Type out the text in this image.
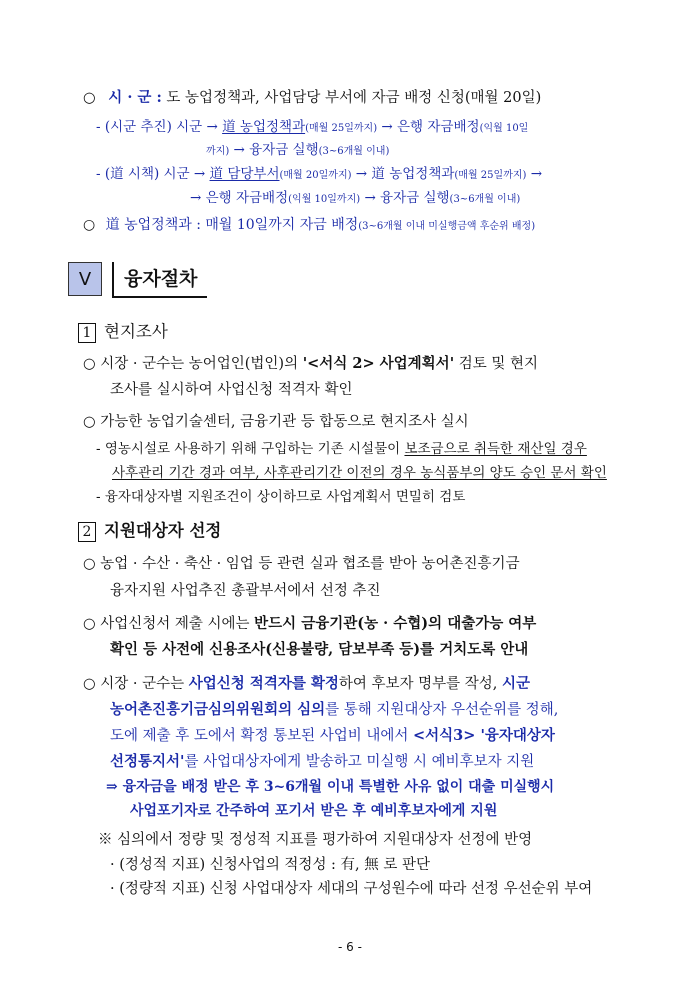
○ 시 · 군 : 도 농업정책과, 사업담당 부서에 자금 배정 신청(매월 20일)
- (시군 추진) 시군 → 道 농업정책과(매월 25일까지) → 은행 자금배정(익월 10일
까지) → 융자금 실행(3~6개월 이내)
- (道 시책) 시군 → 道 담당부서(매월 20일까지) → 道 농업정책과(매월 25일까지) →
→ 은행 자금배정(익월 10일까지) → 융자금 실행(3~6개월 이내)
○ 道 농업정책과 : 매월 10일까지 자금 배정(3~6개월 이내 미실행금액 후순위 배정)
Ⅴ	융자절차
1 현지조사
○ 시장 · 군수는 농어업인(법인)의 '<서식 2> 사업계획서' 검토 및 현지
조사를 실시하여 사업신청 적격자 확인
○ 가능한 농업기술센터, 금융기관 등 합동으로 현지조사 실시
- 영농시설로 사용하기 위해 구입하는 기존 시설물이 보조금으로 취득한 재산일 경우
사후관리 기간 경과 여부, 사후관리기간 이전의 경우 농식품부의 양도 승인 문서 확인
- 융자대상자별 지원조건이 상이하므로 사업계획서 면밀히 검토
2 지원대상자 선정
○ 농업 · 수산 · 축산 · 임업 등 관련 실과 협조를 받아 농어촌진흥기금
융자지원 사업추진 총괄부서에서 선정 추진
○ 사업신청서 제출 시에는 반드시 금융기관(농 · 수협)의 대출가능 여부
확인 등 사전에 신용조사(신용불량, 담보부족 등)를 거치도록 안내
○ 시장 · 군수는 사업신청 적격자를 확정하여 후보자 명부를 작성, 시군
농어촌진흥기금심의위원회의 심의를 통해 지원대상자 우선순위를 정해,
도에 제출 후 도에서 확정 통보된 사업비 내에서 <서식3> '융자대상자
선정통지서'를 사업대상자에게 발송하고 미실행 시 예비후보자 지원
⇒ 융자금을 배정 받은 후 3~6개월 이내 특별한 사유 없이 대출 미실행시
사업포기자로 간주하여 포기서 받은 후 예비후보자에게 지원
※ 심의에서 정량 및 정성적 지표를 평가하여 지원대상자 선정에 반영
· (정성적 지표) 신청사업의 적정성 : 有, 無 로 판단
· (정량적 지표) 신청 사업대상자 세대의 구성원수에 따라 선정 우선순위 부여
- 6 -
